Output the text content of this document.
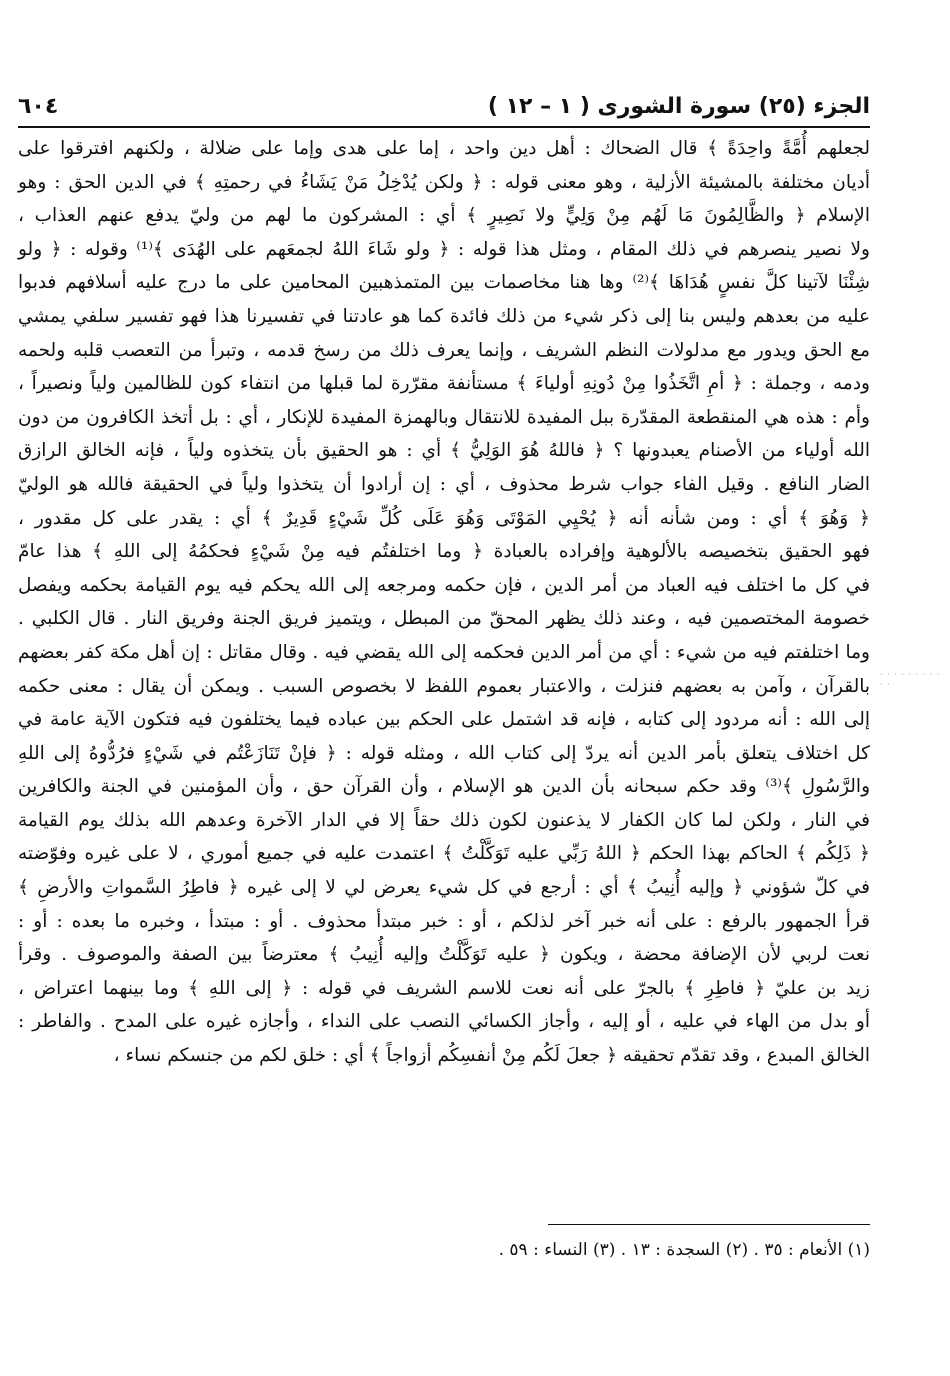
الجزء (٢٥) سورة الشورى ( ١ – ١٢ )
٦٠٤
لجعلهم أُمَّةً واحِدَةً ﴾ قال الضحاك : أهل دين واحد ، إما على هدى وإما على ضلالة ، ولكنهم افترقوا على
أديان مختلفة بالمشيئة الأزلية ، وهو معنى قوله : ﴿ ولكن يُدْخِلُ مَنْ يَشَاءُ في رحمتِهِ ﴾ في الدين الحق : وهو
الإسلام ﴿ والظَّالِمُونَ مَا لَهُم مِنْ وَلِيٍّ ولا نَصِيرٍ ﴾ أي : المشركون ما لهم من وليّ يدفع عنهم العذاب ،
ولا نصير ينصرهم في ذلك المقام ، ومثل هذا قوله : ﴿ ولو شَاءَ اللهُ لجمعَهم على الهُدَى ﴾⁽¹⁾ وقوله : ﴿ ولو
شِئْنَا لآتينا كلَّ نفسٍ هُدَاهَا ﴾⁽²⁾ وها هنا مخاصمات بين المتمذهبين المحامين على ما درج عليه أسلافهم فدبوا
عليه من بعدهم وليس بنا إلى ذكر شيء من ذلك فائدة كما هو عادتنا في تفسيرنا هذا فهو تفسير سلفي يمشي
مع الحق ويدور مع مدلولات النظم الشريف ، وإنما يعرف ذلك من رسخ قدمه ، وتبرأ من التعصب قلبه ولحمه
ودمه ، وجملة : ﴿ أمِ اتَّخَذُوا مِنْ دُونِهِ أولياءَ ﴾ مستأنفة مقرّرة لما قبلها من انتفاء كون للظالمين ولياً ونصيراً ،
وأم : هذه هي المنقطعة المقدّرة ببل المفيدة للانتقال وبالهمزة المفيدة للإنكار ، أي : بل أتخذ الكافرون من دون
الله أولياء من الأصنام يعبدونها ؟ ﴿ فاللهُ هُوَ الوَلِيُّ ﴾ أي : هو الحقيق بأن يتخذوه ولياً ، فإنه الخالق الرازق
الضار النافع . وقيل الفاء جواب شرط محذوف ، أي : إن أرادوا أن يتخذوا ولياً في الحقيقة فالله هو الوليّ
﴿ وَهُوَ ﴾ أي : ومن شأنه أنه ﴿ يُحْيِي المَوْتَى وَهُوَ عَلَى كُلِّ شَيْءٍ قَدِيرٌ ﴾ أي : يقدر على كل مقدور ،
فهو الحقيق بتخصيصه بالألوهية وإفراده بالعبادة ﴿ وما اختلفتُم فيه مِنْ شَيْءٍ فحكمُهُ إلى اللهِ ﴾ هذا عامّ
في كل ما اختلف فيه العباد من أمر الدين ، فإن حكمه ومرجعه إلى الله يحكم فيه يوم القيامة بحكمه ويفصل
خصومة المختصمين فيه ، وعند ذلك يظهر المحقّ من المبطل ، ويتميز فريق الجنة وفريق النار . قال الكلبي .
وما اختلفتم فيه من شيء : أي من أمر الدين فحكمه إلى الله يقضي فيه . وقال مقاتل : إن أهل مكة كفر بعضهم
بالقرآن ، وآمن به بعضهم فنزلت ، والاعتبار بعموم اللفظ لا بخصوص السبب . ويمكن أن يقال : معنى حكمه
إلى الله : أنه مردود إلى كتابه ، فإنه قد اشتمل على الحكم بين عباده فيما يختلفون فيه فتكون الآية عامة في
كل اختلاف يتعلق بأمر الدين أنه يردّ إلى كتاب الله ، ومثله قوله : ﴿ فإنْ تَنَازَعْتُم في شَيْءٍ فرُدُّوهُ إلى اللهِ
والرَّسُولِ ﴾⁽³⁾ وقد حكم سبحانه بأن الدين هو الإسلام ، وأن القرآن حق ، وأن المؤمنين في الجنة والكافرين
في النار ، ولكن لما كان الكفار لا يذعنون لكون ذلك حقاً إلا في الدار الآخرة وعدهم الله بذلك يوم القيامة
﴿ ذَلِكُم ﴾ الحاكم بهذا الحكم ﴿ اللهُ رَبِّي عليه تَوَكَّلْتُ ﴾ اعتمدت عليه في جميع أموري ، لا على غيره وفوّضته
في كلّ شؤوني ﴿ وإليه أُنِيبُ ﴾ أي : أرجع في كل شيء يعرض لي لا إلى غيره ﴿ فاطِرُ السَّمواتِ والأرضِ ﴾
قرأ الجمهور بالرفع : على أنه خبر آخر لذلكم ، أو : خبر مبتدأ محذوف . أو : مبتدأ ، وخبره ما بعده : أو :
نعت لربي لأن الإضافة محضة ، ويكون ﴿ عليه تَوَكَّلْتُ وإليه أُنِيبُ ﴾ معترضاً بين الصفة والموصوف . وقرأ
زيد بن عليّ ﴿ فاطِرِ ﴾ بالجرّ على أنه نعت للاسم الشريف في قوله : ﴿ إلى اللهِ ﴾ وما بينهما اعتراض ،
أو بدل من الهاء في عليه ، أو إليه ، وأجاز الكسائي النصب على النداء ، وأجازه غيره على المدح . والفاطر :
الخالق المبدع ، وقد تقدّم تحقيقه ﴿ جعلَ لَكُم مِنْ أنفسِكُم أزواجاً ﴾ أي : خلق لكم من جنسكم نساء ،
· · · · · · · · · · ·
(١) الأنعام : ٣٥ . (٢) السجدة : ١٣ . (٣) النساء : ٥٩ .
